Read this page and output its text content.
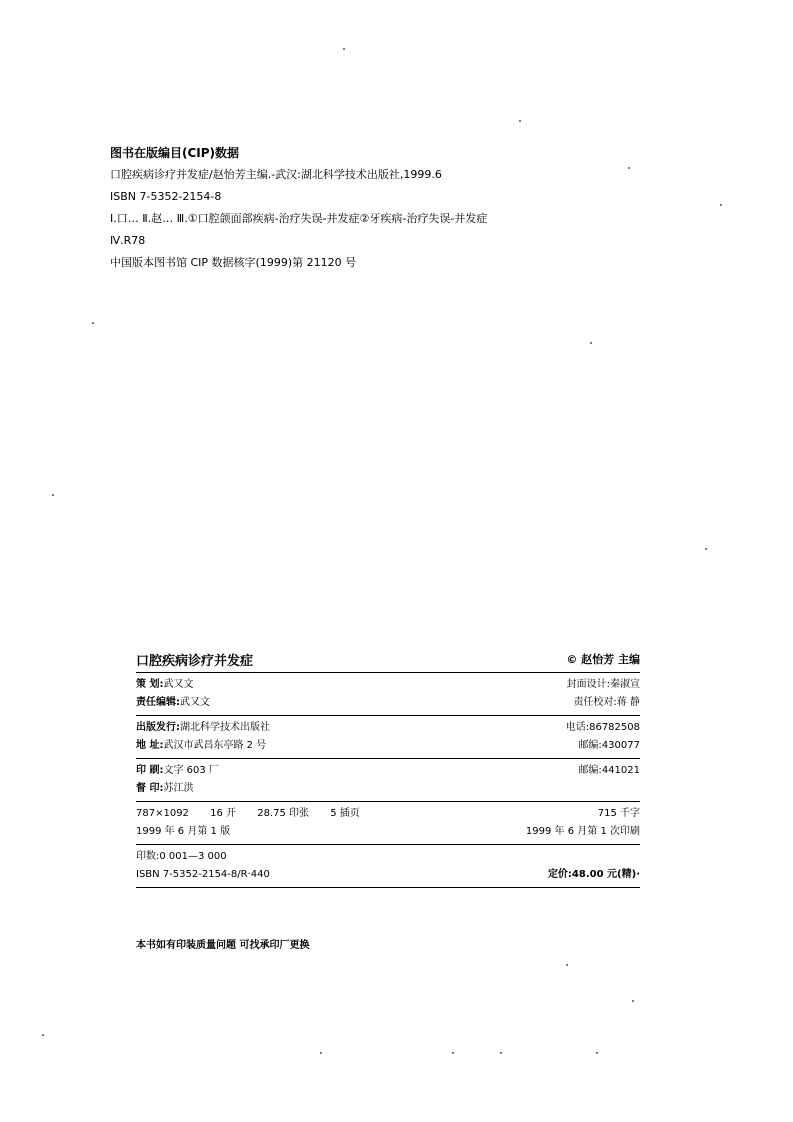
图书在版编目(CIP)数据
口腔疾病诊疗并发症/赵怡芳主编.-武汉:湖北科学技术出版社,1999.6
ISBN 7-5352-2154-8
Ⅰ.口… Ⅱ.赵… Ⅲ.①口腔颌面部疾病-治疗失误-并发症②牙疾病-治疗失误-并发症
Ⅳ.R78
中国版本图书馆 CIP 数据核字(1999)第 21120 号
口腔疾病诊疗并发症	© 赵怡芳 主编
策 划:武又文	封面设计:秦淑宣
责任编辑:武又文	责任校对:蒋 静
出版发行:湖北科学技术出版社	电话:86782508
地 址:武汉市武昌东亭路 2 号	邮编:430077
印 刷:文字 603 厂	邮编:441021
督 印:苏江洪
787×1092 16 开 28.75 印张 5 插页	715 千字
1999 年 6 月第 1 版	1999 年 6 月第 1 次印刷
印数:0 001—3 000
ISBN 7-5352-2154-8/R·440	定价:48.00 元(精)·
本书如有印装质量问题 可找承印厂更换
